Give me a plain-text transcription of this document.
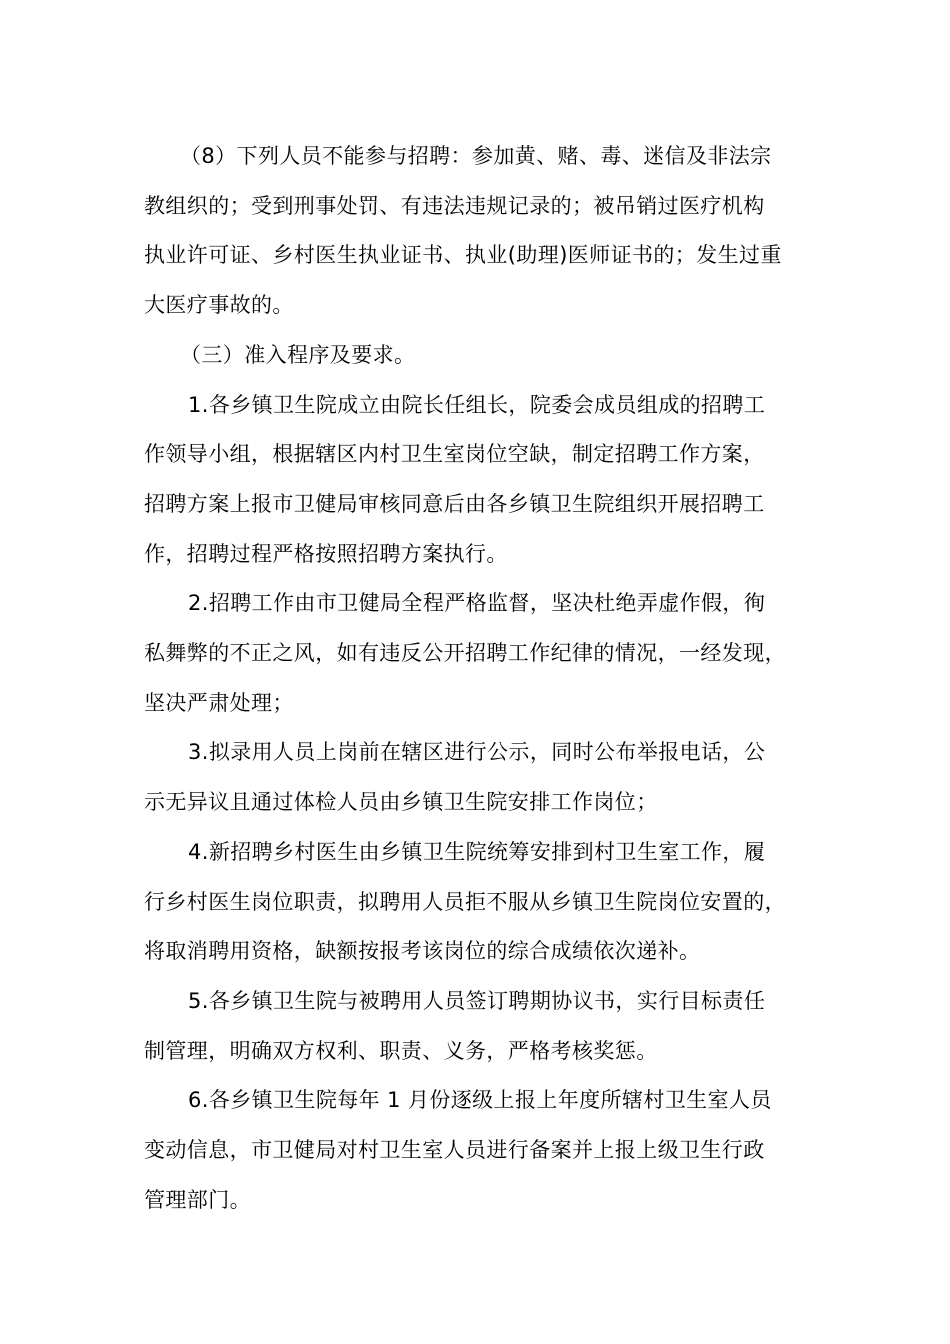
（8）下列人员不能参与招聘：参加黄、赌、毒、迷信及非法宗
教组织的；受到刑事处罚、有违法违规记录的；被吊销过医疗机构
执业许可证、乡村医生执业证书、执业(助理)医师证书的；发生过重
大医疗事故的。

（三）准入程序及要求。

1.各乡镇卫生院成立由院长任组长，院委会成员组成的招聘工
作领导小组，根据辖区内村卫生室岗位空缺，制定招聘工作方案，
招聘方案上报市卫健局审核同意后由各乡镇卫生院组织开展招聘工
作，招聘过程严格按照招聘方案执行。

2.招聘工作由市卫健局全程严格监督，坚决杜绝弄虚作假，徇
私舞弊的不正之风，如有违反公开招聘工作纪律的情况，一经发现，
坚决严肃处理；

3.拟录用人员上岗前在辖区进行公示，同时公布举报电话，公
示无异议且通过体检人员由乡镇卫生院安排工作岗位；

4.新招聘乡村医生由乡镇卫生院统筹安排到村卫生室工作，履
行乡村医生岗位职责，拟聘用人员拒不服从乡镇卫生院岗位安置的，
将取消聘用资格，缺额按报考该岗位的综合成绩依次递补。

5.各乡镇卫生院与被聘用人员签订聘期协议书，实行目标责任
制管理，明确双方权利、职责、义务，严格考核奖惩。

6.各乡镇卫生院每年 1 月份逐级上报上年度所辖村卫生室人员
变动信息，市卫健局对村卫生室人员进行备案并上报上级卫生行政
管理部门。
